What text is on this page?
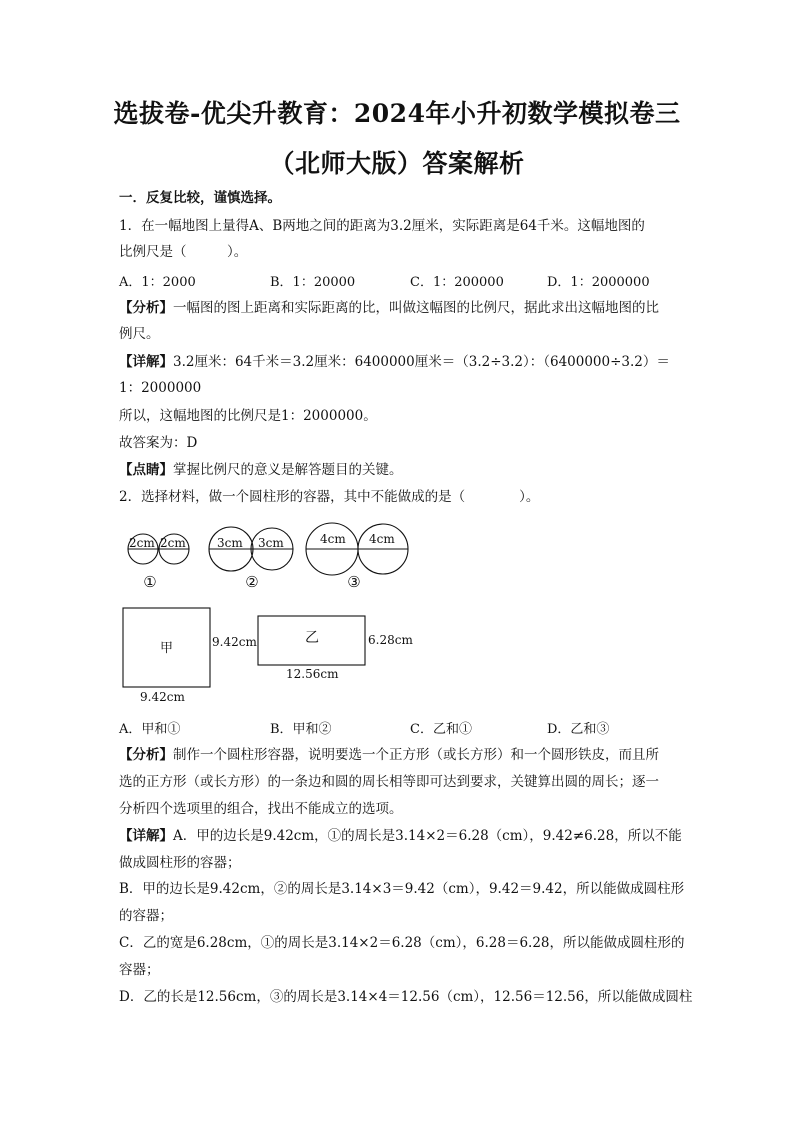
选拔卷-优尖升教育：2024年小升初数学模拟卷三
（北师大版）答案解析
一．反复比较，谨慎选择。
1．在一幅地图上量得A、B两地之间的距离为3.2厘米，实际距离是64千米。这幅地图的
比例尺是（　　　）。
A．1：2000	B．1：20000	C．1：200000	D．1：2000000
【分析】一幅图的图上距离和实际距离的比，叫做这幅图的比例尺，据此求出这幅地图的比
例尺。
【详解】3.2厘米：64千米＝3.2厘米：6400000厘米＝（3.2÷3.2）：（6400000÷3.2）＝
1：2000000
所以，这幅地图的比例尺是1：2000000。
故答案为：D
【点睛】掌握比例尺的意义是解答题目的关键。
2．选择材料，做一个圆柱形的容器，其中不能做成的是（　　　　）。
2cm 2cm	3cm 3cm	4cm 4cm
①	②	③
甲	9.42cm
9.42cm
乙	6.28cm
12.56cm
A．甲和①	B．甲和②	C．乙和①	D．乙和③
【分析】制作一个圆柱形容器，说明要选一个正方形（或长方形）和一个圆形铁皮，而且所
选的正方形（或长方形）的一条边和圆的周长相等即可达到要求，关键算出圆的周长；逐一
分析四个选项里的组合，找出不能成立的选项。
【详解】A．甲的边长是9.42cm，①的周长是3.14×2＝6.28（cm），9.42≠6.28，所以不能
做成圆柱形的容器；
B．甲的边长是9.42cm，②的周长是3.14×3＝9.42（cm），9.42＝9.42，所以能做成圆柱形
的容器；
C．乙的宽是6.28cm，①的周长是3.14×2＝6.28（cm），6.28＝6.28，所以能做成圆柱形的
容器；
D．乙的长是12.56cm，③的周长是3.14×4＝12.56（cm），12.56＝12.56，所以能做成圆柱
